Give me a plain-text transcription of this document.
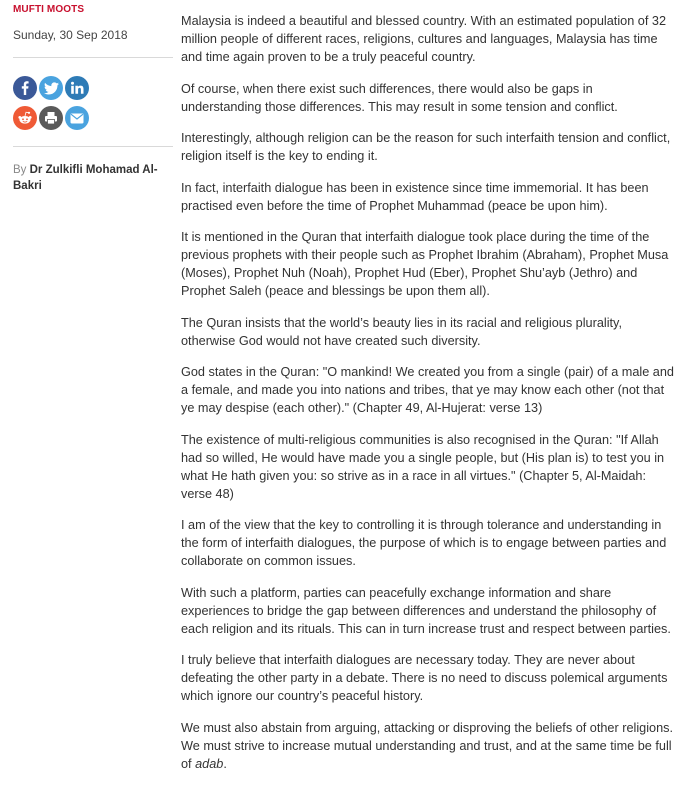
MUFTI MOOTS
Sunday, 30 Sep 2018
By Dr Zulkifli Mohamad Al-Bakri

Malaysia is indeed a beautiful and blessed country. With an estimated population of 32 million people of different races, religions, cultures and languages, Malaysia has time and time again proven to be a truly peaceful country.

Of course, when there exist such differences, there would also be gaps in understanding those differences. This may result in some tension and conflict.

Interestingly, although religion can be the reason for such interfaith tension and conflict, religion itself is the key to ending it.

In fact, interfaith dialogue has been in existence since time immemorial. It has been practised even before the time of Prophet Muhammad (peace be upon him).

It is mentioned in the Quran that interfaith dialogue took place during the time of the previous prophets with their people such as Prophet Ibrahim (Abraham), Prophet Musa (Moses), Prophet Nuh (Noah), Prophet Hud (Eber), Prophet Shu’ayb (Jethro) and Prophet Saleh (peace and blessings be upon them all).

The Quran insists that the world’s beauty lies in its racial and religious plurality, otherwise God would not have created such diversity.

God states in the Quran: "O mankind! We created you from a single (pair) of a male and a female, and made you into nations and tribes, that ye may know each other (not that ye may despise (each other)." (Chapter 49, Al-Hujerat: verse 13)

The existence of multi-religious communities is also recognised in the Quran: "If Allah had so willed, He would have made you a single people, but (His plan is) to test you in what He hath given you: so strive as in a race in all virtues." (Chapter 5, Al-Maidah: verse 48)

I am of the view that the key to controlling it is through tolerance and understanding in the form of interfaith dialogues, the purpose of which is to engage between parties and collaborate on common issues.

With such a platform, parties can peacefully exchange information and share experiences to bridge the gap between differences and understand the philosophy of each religion and its rituals. This can in turn increase trust and respect between parties.

I truly believe that interfaith dialogues are necessary today. They are never about defeating the other party in a debate. There is no need to discuss polemical arguments which ignore our country’s peaceful history.

We must also abstain from arguing, attacking or disproving the beliefs of other religions. We must strive to increase mutual understanding and trust, and at the same time be full of adab.
